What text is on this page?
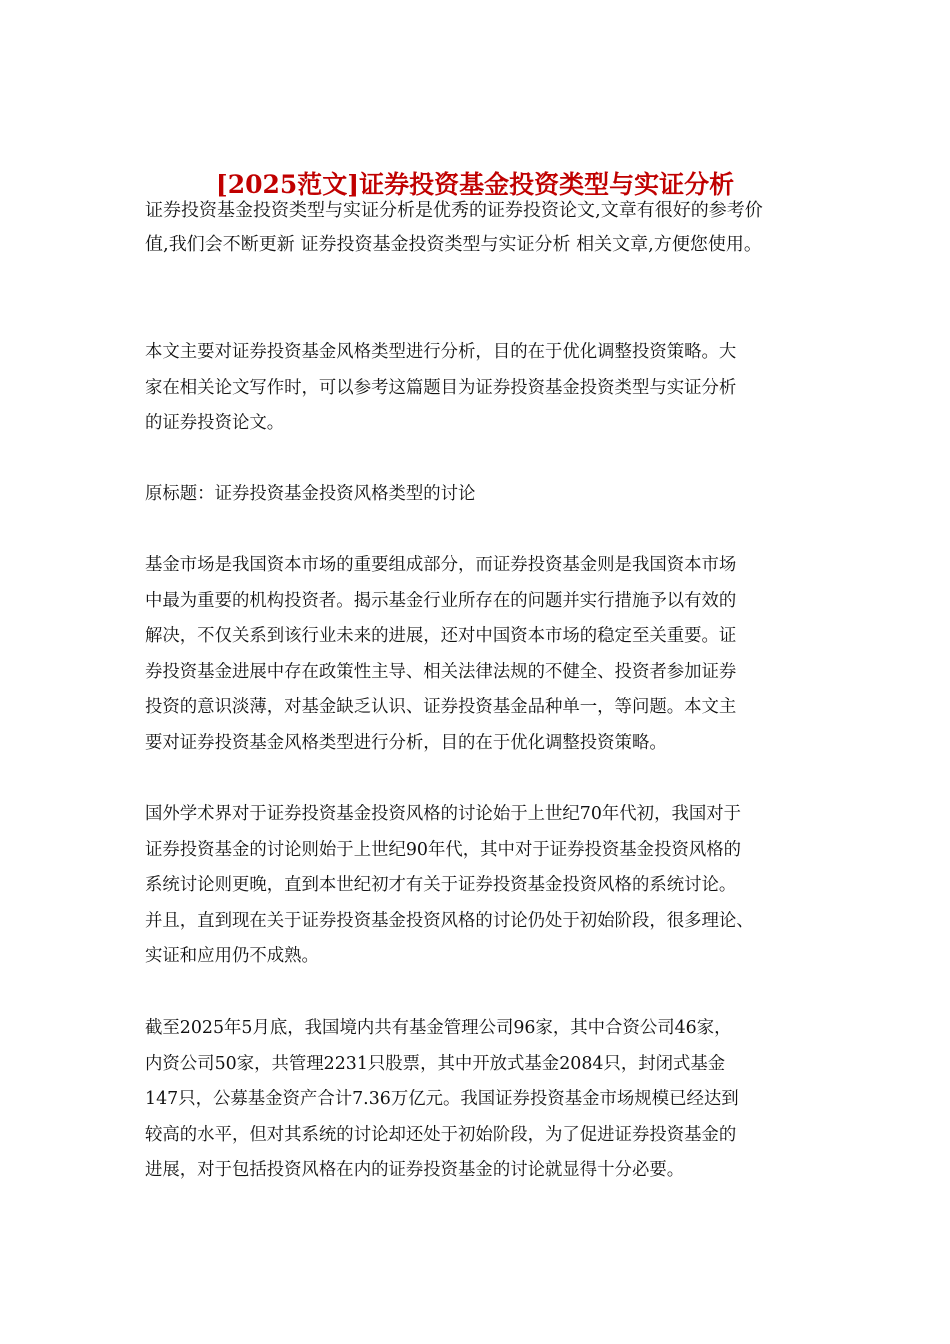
[2025范文]证券投资基金投资类型与实证分析

证券投资基金投资类型与实证分析是优秀的证券投资论文,文章有很好的参考价

值,我们会不断更新 证券投资基金投资类型与实证分析 相关文章,方便您使用。

本文主要对证券投资基金风格类型进行分析，目的在于优化调整投资策略。大
家在相关论文写作时，可以参考这篇题目为证券投资基金投资类型与实证分析
的证券投资论文。

原标题：证券投资基金投资风格类型的讨论

基金市场是我国资本市场的重要组成部分，而证券投资基金则是我国资本市场
中最为重要的机构投资者。揭示基金行业所存在的问题并实行措施予以有效的
解决，不仅关系到该行业未来的进展，还对中国资本市场的稳定至关重要。证
券投资基金进展中存在政策性主导、相关法律法规的不健全、投资者参加证券
投资的意识淡薄，对基金缺乏认识、证券投资基金品种单一，等问题。本文主
要对证券投资基金风格类型进行分析，目的在于优化调整投资策略。

国外学术界对于证券投资基金投资风格的讨论始于上世纪70年代初，我国对于
证券投资基金的讨论则始于上世纪90年代，其中对于证券投资基金投资风格的
系统讨论则更晚，直到本世纪初才有关于证券投资基金投资风格的系统讨论。
并且，直到现在关于证券投资基金投资风格的讨论仍处于初始阶段，很多理论、
实证和应用仍不成熟。

截至2025年5月底，我国境内共有基金管理公司96家，其中合资公司46家，
内资公司50家，共管理2231只股票，其中开放式基金2084只，封闭式基金
147只，公募基金资产合计7.36万亿元。我国证券投资基金市场规模已经达到
较高的水平，但对其系统的讨论却还处于初始阶段，为了促进证券投资基金的
进展，对于包括投资风格在内的证券投资基金的讨论就显得十分必要。
